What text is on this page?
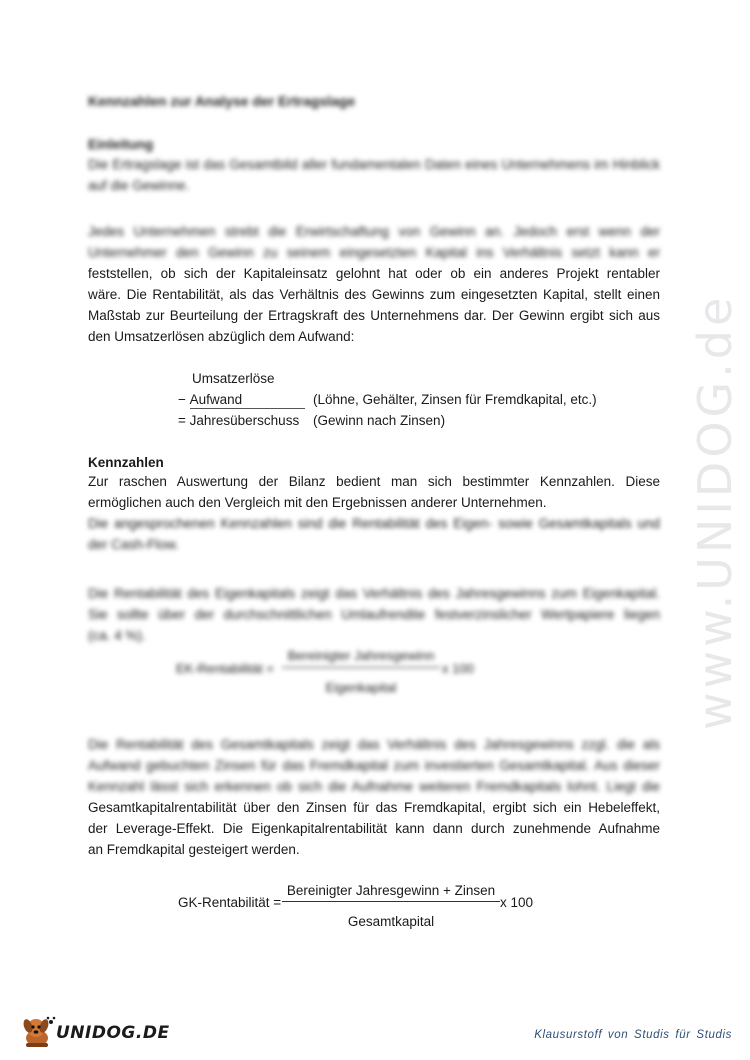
www.UNIDOG.de
Kennzahlen zur Analyse der Ertragslage
Einleitung

Die Ertragslage ist das Gesamtbild aller fundamentalen Daten eines Unternehmens im Hinblick auf die Gewinne.

Jedes Unternehmen strebt die Erwirtschaftung von Gewinn an. Jedoch erst wenn der
Unternehmer den Gewinn zu seinem eingesetzten Kapital ins Verhältnis setzt kann er
feststellen, ob sich der Kapitaleinsatz gelohnt hat oder ob ein anderes Projekt rentabler
wäre. Die Rentabilität, als das Verhältnis des Gewinns zum eingesetzten Kapital, stellt einen
Maßstab zur Beurteilung der Ertragskraft des Unternehmens dar. Der Gewinn ergibt sich aus
den Umsatzerlösen abzüglich dem Aufwand:
Umsatzerlöse
− Aufwand	(Löhne, Gehälter, Zinsen für Fremdkapital, etc.)
= Jahresüberschuss (Gewinn nach Zinsen)
Kennzahlen
Zur raschen Auswertung der Bilanz bedient man sich bestimmter Kennzahlen. Diese
ermöglichen auch den Vergleich mit den Ergebnissen anderer Unternehmen.
Die angesprochenen Kennzahlen sind die Rentabilität des Eigen- sowie Gesamtkapitals und
der Cash-Flow.
Die Rentabilität des Eigenkapitals zeigt das Verhältnis des Jahresgewinns zum Eigenkapital.
Sie sollte über der durchschnittlichen Umlaufrendite festverzinslicher Wertpapiere liegen
(ca. 4 %).
EK-Rentabilität =
Bereinigter Jahresgewinn
Eigenkapital
x 100
Die Rentabilität des Gesamtkapitals zeigt das Verhältnis des Jahresgewinns zzgl. die als
Aufwand gebuchten Zinsen für das Fremdkapital zum investierten Gesamtkapital. Aus dieser
Kennzahl lässt sich erkennen ob sich die Aufnahme weiteren Fremdkapitals lohnt. Liegt die
Gesamtkapitalrentabilität über den Zinsen für das Fremdkapital, ergibt sich ein Hebeleffekt,
der Leverage-Effekt. Die Eigenkapitalrentabilität kann dann durch zunehmende Aufnahme
an Fremdkapital gesteigert werden.
GK-Rentabilität =
Bereinigter Jahresgewinn + Zinsen
Gesamtkapital
x 100
UNIDOG.DE	Klausurstoff von Studis für Studis
